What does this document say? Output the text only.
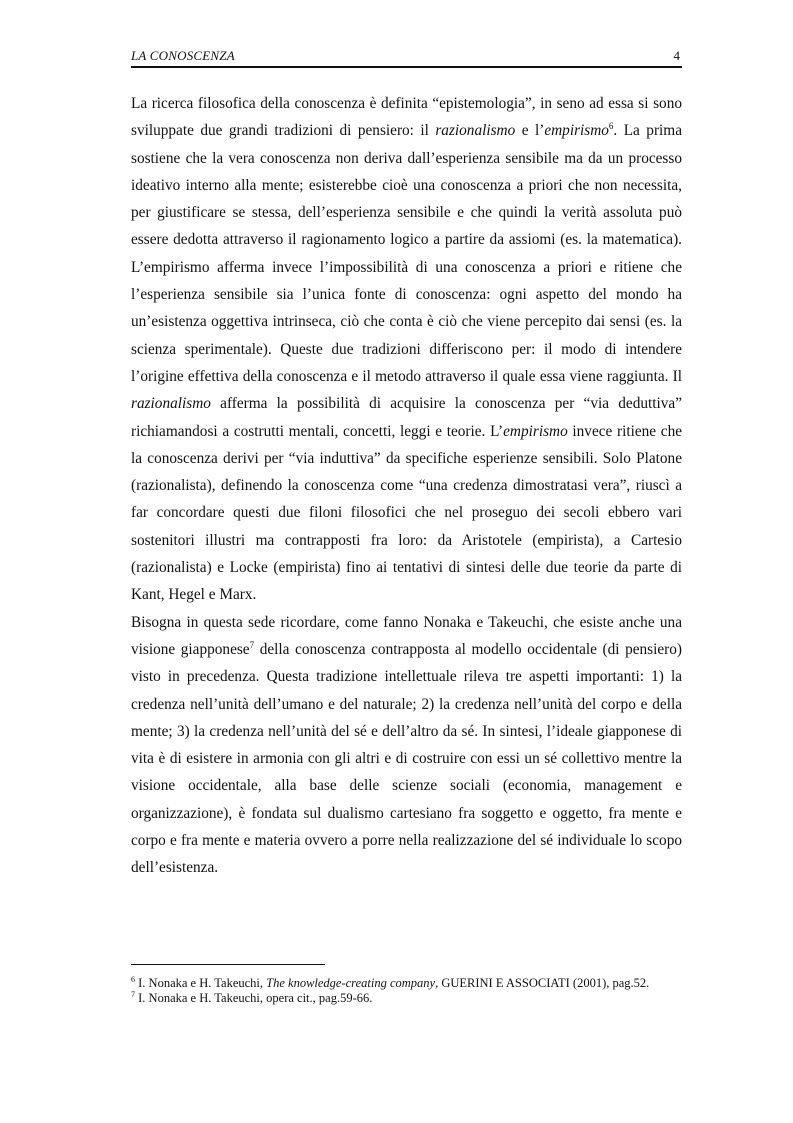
LA CONOSCENZA	4

La ricerca filosofica della conoscenza è definita “epistemologia”, in seno ad essa si sono sviluppate due grandi tradizioni di pensiero: il razionalismo e l’empirismo$^6$. La prima sostiene che la vera conoscenza non deriva dall’esperienza sensibile ma da un processo ideativo interno alla mente; esisterebbe cioè una conoscenza a priori che non necessita, per giustificare se stessa, dell’esperienza sensibile e che quindi la verità assoluta può essere dedotta attraverso il ragionamento logico a partire da assiomi (es. la matematica). L’empirismo afferma invece l’impossibilità di una conoscenza a priori e ritiene che l’esperienza sensibile sia l’unica fonte di conoscenza: ogni aspetto del mondo ha un’esistenza oggettiva intrinseca, ciò che conta è ciò che viene percepito dai sensi (es. la scienza sperimentale). Queste due tradizioni differiscono per: il modo di intendere l’origine effettiva della conoscenza e il metodo attraverso il quale essa viene raggiunta. Il razionalismo afferma la possibilità di acquisire la conoscenza per “via deduttiva” richiamandosi a costrutti mentali, concetti, leggi e teorie. L’empirismo invece ritiene che la conoscenza derivi per “via induttiva” da specifiche esperienze sensibili. Solo Platone (razionalista), definendo la conoscenza come “una credenza dimostratasi vera”, riuscì a far concordare questi due filoni filosofici che nel proseguo dei secoli ebbero vari sostenitori illustri ma contrapposti fra loro: da Aristotele (empirista), a Cartesio (razionalista) e Locke (empirista) fino ai tentativi di sintesi delle due teorie da parte di Kant, Hegel e Marx.

Bisogna in questa sede ricordare, come fanno Nonaka e Takeuchi, che esiste anche una visione giapponese$^7$ della conoscenza contrapposta al modello occidentale (di pensiero) visto in precedenza. Questa tradizione intellettuale rileva tre aspetti importanti: 1) la credenza nell’unità dell’umano e del naturale; 2) la credenza nell’unità del corpo e della mente; 3) la credenza nell’unità del sé e dell’altro da sé. In sintesi, l’ideale giapponese di vita è di esistere in armonia con gli altri e di costruire con essi un sé collettivo mentre la visione occidentale, alla base delle scienze sociali (economia, management e organizzazione), è fondata sul dualismo cartesiano fra soggetto e oggetto, fra mente e corpo e fra mente e materia ovvero a porre nella realizzazione del sé individuale lo scopo dell’esistenza.

$^6$ I. Nonaka e H. Takeuchi, The knowledge-creating company, GUERINI E ASSOCIATI (2001), pag.52.

$^7$ I. Nonaka e H. Takeuchi, opera cit., pag.59-66.
